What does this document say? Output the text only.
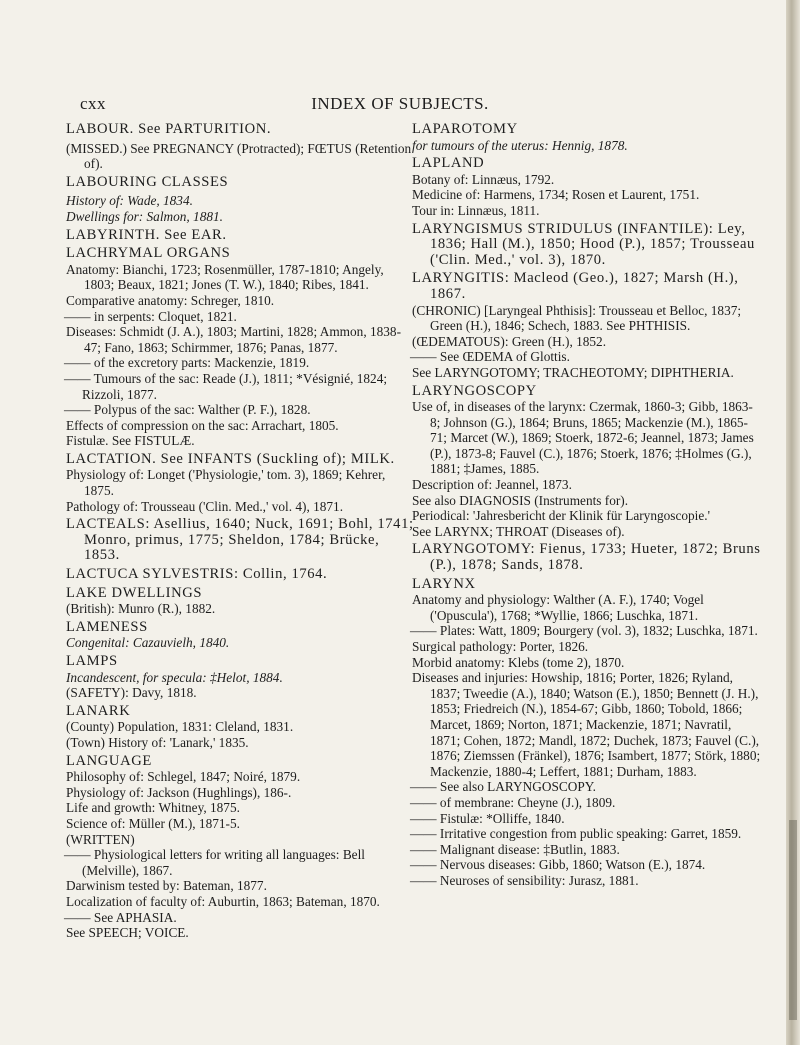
cxx	INDEX OF SUBJECTS.
LABOUR. See PARTURITION.
(MISSED.) See PREGNANCY (Protracted); FŒTUS (Retention of).
LABOURING CLASSES
History of: Wade, 1834.
Dwellings for: Salmon, 1881.
LABYRINTH. See EAR.
LACHRYMAL ORGANS
Anatomy: Bianchi, 1723; Rosenmüller, 1787-1810; Angely, 1803; Beaux, 1821; Jones (T. W.), 1840; Ribes, 1841.
Comparative anatomy: Schreger, 1810.
—— in serpents: Cloquet, 1821.
Diseases: Schmidt (J. A.), 1803; Martini, 1828; Ammon, 1838-47; Fano, 1863; Schirmmer, 1876; Panas, 1877.
—— of the excretory parts: Mackenzie, 1819.
—— Tumours of the sac: Reade (J.), 1811; *Vésignié, 1824; Rizzoli, 1877.
—— Polypus of the sac: Walther (P. F.), 1828.
Effects of compression on the sac: Arrachart, 1805.
Fistulæ. See FISTULÆ.
LACTATION. See INFANTS (Suckling of); MILK.
Physiology of: Longet ('Physiologie,' tom. 3), 1869; Kehrer, 1875.
Pathology of: Trousseau ('Clin. Med.,' vol. 4), 1871.
LACTEALS: Asellius, 1640; Nuck, 1691; Bohl, 1741; Monro, primus, 1775; Sheldon, 1784; Brücke, 1853.
LACTUCA SYLVESTRIS: Collin, 1764.
LAKE DWELLINGS
(British): Munro (R.), 1882.
LAMENESS
Congenital: Cazauvielh, 1840.
LAMPS
Incandescent, for specula: ‡Helot, 1884.
(SAFETY): Davy, 1818.
LANARK
(County) Population, 1831: Cleland, 1831.
(Town) History of: 'Lanark,' 1835.
LANGUAGE
Philosophy of: Schlegel, 1847; Noiré, 1879.
Physiology of: Jackson (Hughlings), 186-.
Life and growth: Whitney, 1875.
Science of: Müller (M.), 1871-5.
(WRITTEN)
—— Physiological letters for writing all languages: Bell (Melville), 1867.
Darwinism tested by: Bateman, 1877.
Localization of faculty of: Auburtin, 1863; Bateman, 1870.
—— See APHASIA.
See SPEECH; VOICE.
LAPAROTOMY
for tumours of the uterus: Hennig, 1878.
LAPLAND
Botany of: Linnæus, 1792.
Medicine of: Harmens, 1734; Rosen et Laurent, 1751.
Tour in: Linnæus, 1811.
LARYNGISMUS STRIDULUS (INFANTILE): Ley, 1836; Hall (M.), 1850; Hood (P.), 1857; Trousseau ('Clin. Med.,' vol. 3), 1870.
LARYNGITIS: Macleod (Geo.), 1827; Marsh (H.), 1867.
(CHRONIC) [Laryngeal Phthisis]: Trousseau et Belloc, 1837; Green (H.), 1846; Schech, 1883. See PHTHISIS.
(ŒDEMATOUS): Green (H.), 1852.
—— See ŒDEMA of Glottis.
See LARYNGOTOMY; TRACHEOTOMY; DIPHTHERIA.
LARYNGOSCOPY
Use of, in diseases of the larynx: Czermak, 1860-3; Gibb, 1863-8; Johnson (G.), 1864; Bruns, 1865; Mackenzie (M.), 1865-71; Marcet (W.), 1869; Stoerk, 1872-6; Jeannel, 1873; James (P.), 1873-8; Fauvel (C.), 1876; Stoerk, 1876; ‡Holmes (G.), 1881; ‡James, 1885.
Description of: Jeannel, 1873.
See also DIAGNOSIS (Instruments for).
Periodical: 'Jahresbericht der Klinik für Laryngoscopie.'
See LARYNX; THROAT (Diseases of).
LARYNGOTOMY: Fienus, 1733; Hueter, 1872; Bruns (P.), 1878; Sands, 1878.
LARYNX
Anatomy and physiology: Walther (A. F.), 1740; Vogel ('Opuscula'), 1768; *Wyllie, 1866; Luschka, 1871.
—— Plates: Watt, 1809; Bourgery (vol. 3), 1832; Luschka, 1871.
Surgical pathology: Porter, 1826.
Morbid anatomy: Klebs (tome 2), 1870.
Diseases and injuries: Howship, 1816; Porter, 1826; Ryland, 1837; Tweedie (A.), 1840; Watson (E.), 1850; Bennett (J. H.), 1853; Friedreich (N.), 1854-67; Gibb, 1860; Tobold, 1866; Marcet, 1869; Norton, 1871; Mackenzie, 1871; Navratil, 1871; Cohen, 1872; Mandl, 1872; Duchek, 1873; Fauvel (C.), 1876; Ziemssen (Fränkel), 1876; Isambert, 1877; Störk, 1880; Mackenzie, 1880-4; Leffert, 1881; Durham, 1883.
—— See also LARYNGOSCOPY.
—— of membrane: Cheyne (J.), 1809.
—— Fistulæ: *Olliffe, 1840.
—— Irritative congestion from public speaking: Garret, 1859.
—— Malignant disease: ‡Butlin, 1883.
—— Nervous diseases: Gibb, 1860; Watson (E.), 1874.
—— Neuroses of sensibility: Jurasz, 1881.
